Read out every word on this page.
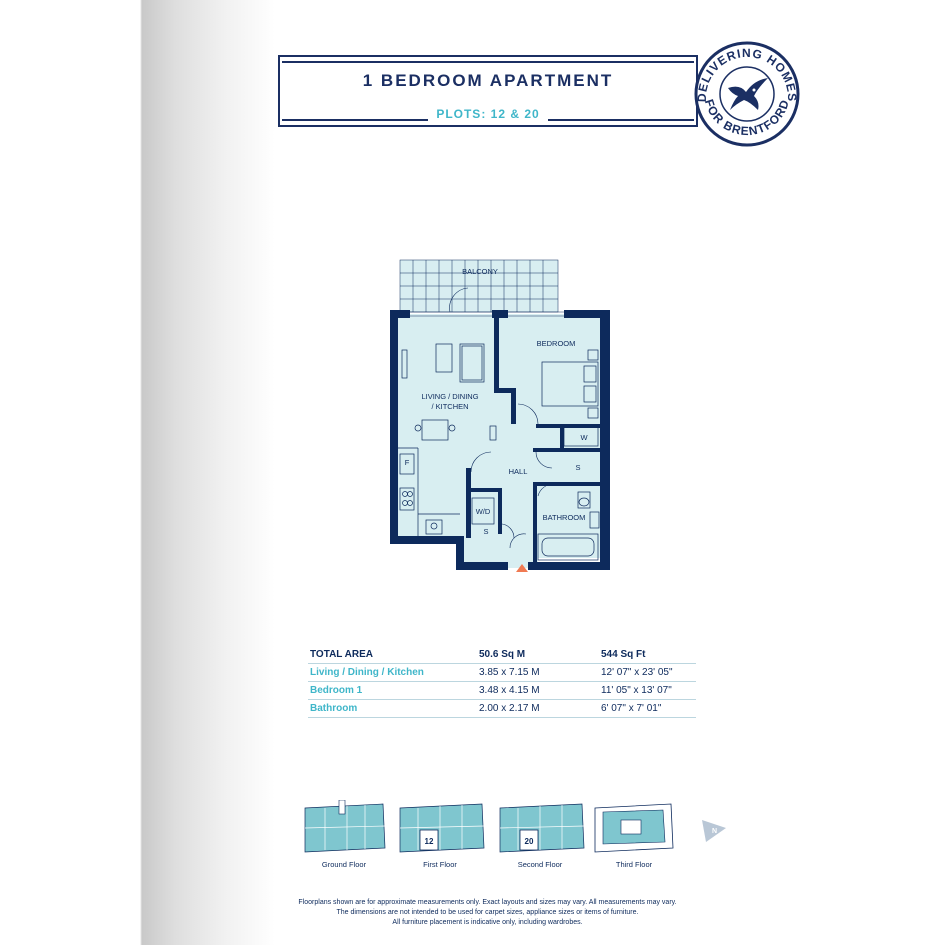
1 BEDROOM APARTMENT
PLOTS: 12 & 20
DELIVERING HOMES
FOR BRENTFORD
BALCONY
LIVING / DINING
/ KITCHEN
F
BEDROOM
W
S
HALL
W/D
S
BATHROOM
TOTAL AREA	50.6 Sq M	544 Sq Ft
Living / Dining / Kitchen	3.85 x 7.15 M	12' 07" x 23' 05"
Bedroom 1	3.48 x 4.15 M	11' 05" x 13' 07"
Bathroom	2.00 x 2.17 M	6' 07" x 7' 01"
Ground Floor
12
First Floor
20
Second Floor	Third Floor
N
Floorplans shown are for approximate measurements only. Exact layouts and sizes may vary. All measurements may vary.
The dimensions are not intended to be used for carpet sizes, appliance sizes or items of furniture.
All furniture placement is indicative only, including wardrobes.
